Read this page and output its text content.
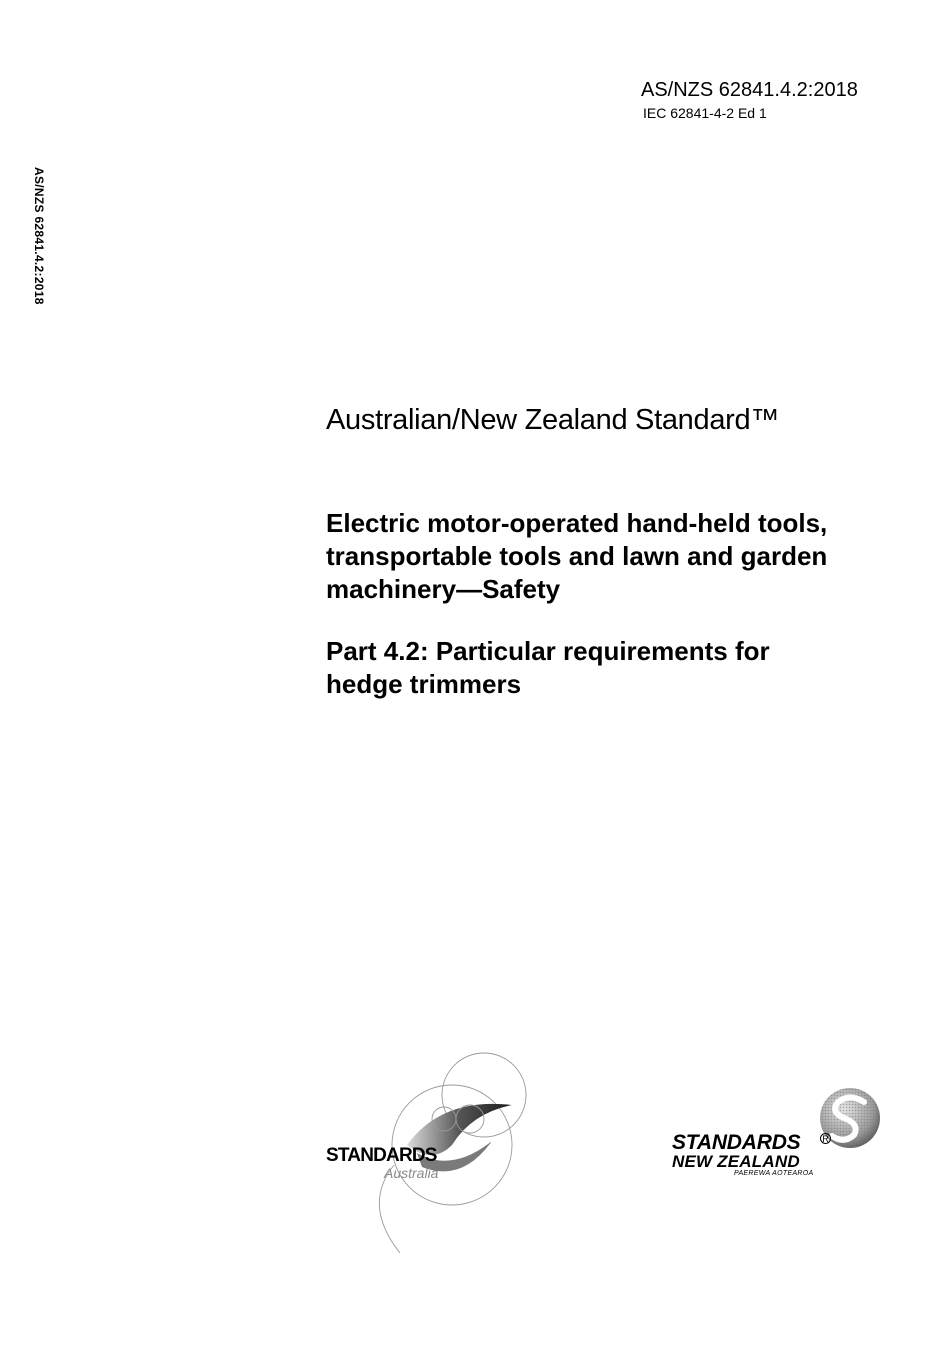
AS/NZS 62841.4.2:2018
IEC 62841-4-2 Ed 1
AS/NZS 62841.4.2:2018
Australian/New Zealand Standard™
Electric motor-operated hand-held tools,
transportable tools and lawn and garden
machinery—Safety
Part 4.2: Particular requirements for
hedge trimmers
STANDARDS
Australia
STANDARDS R
NEW ZEALAND
PAEREWA AOTEAROA
